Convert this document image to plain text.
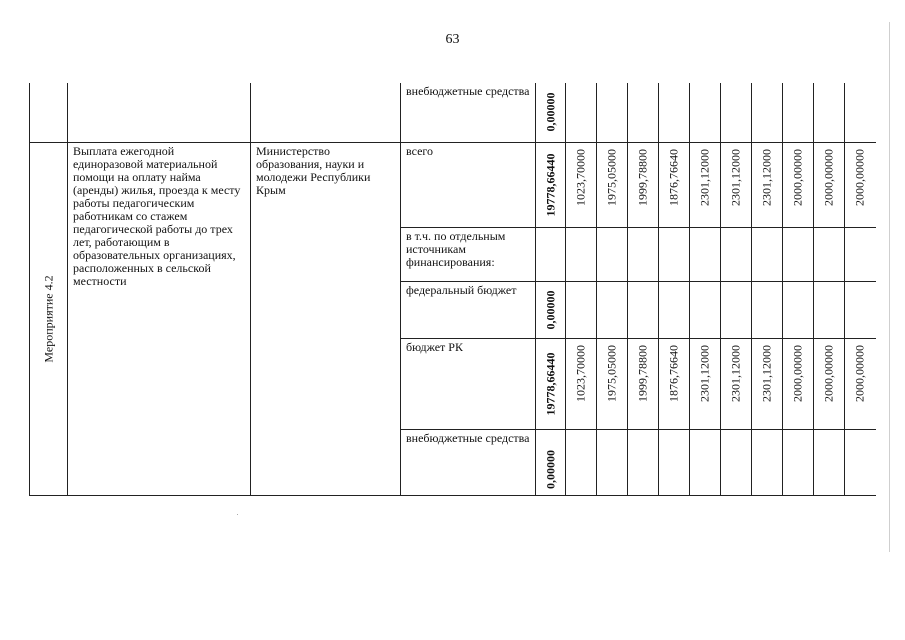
63

			внебюджетные средства	0,00000										

Мероприятие 4.2	Выплата ежегодной единоразовой материальной помощи на оплату найма (аренды) жилья, проезда к месту работы педагогическим работникам со стажем педагогической работы до трех лет, работающим в образовательных организациях, расположенных в сельской местности	Министерство образования, науки и молодежи Республики Крым	всего	19778,66440	1023,70000	1975,05000	1999,78800	1876,76640	2301,12000	2301,12000	2301,12000	2000,00000	2000,00000	2000,00000

			в т.ч. по отдельным источникам финансирования:											

			федеральный бюджет	0,00000										

			бюджет РК	19778,66440	1023,70000	1975,05000	1999,78800	1876,76640	2301,12000	2301,12000	2301,12000	2000,00000	2000,00000	2000,00000

			внебюджетные средства	0,00000										
